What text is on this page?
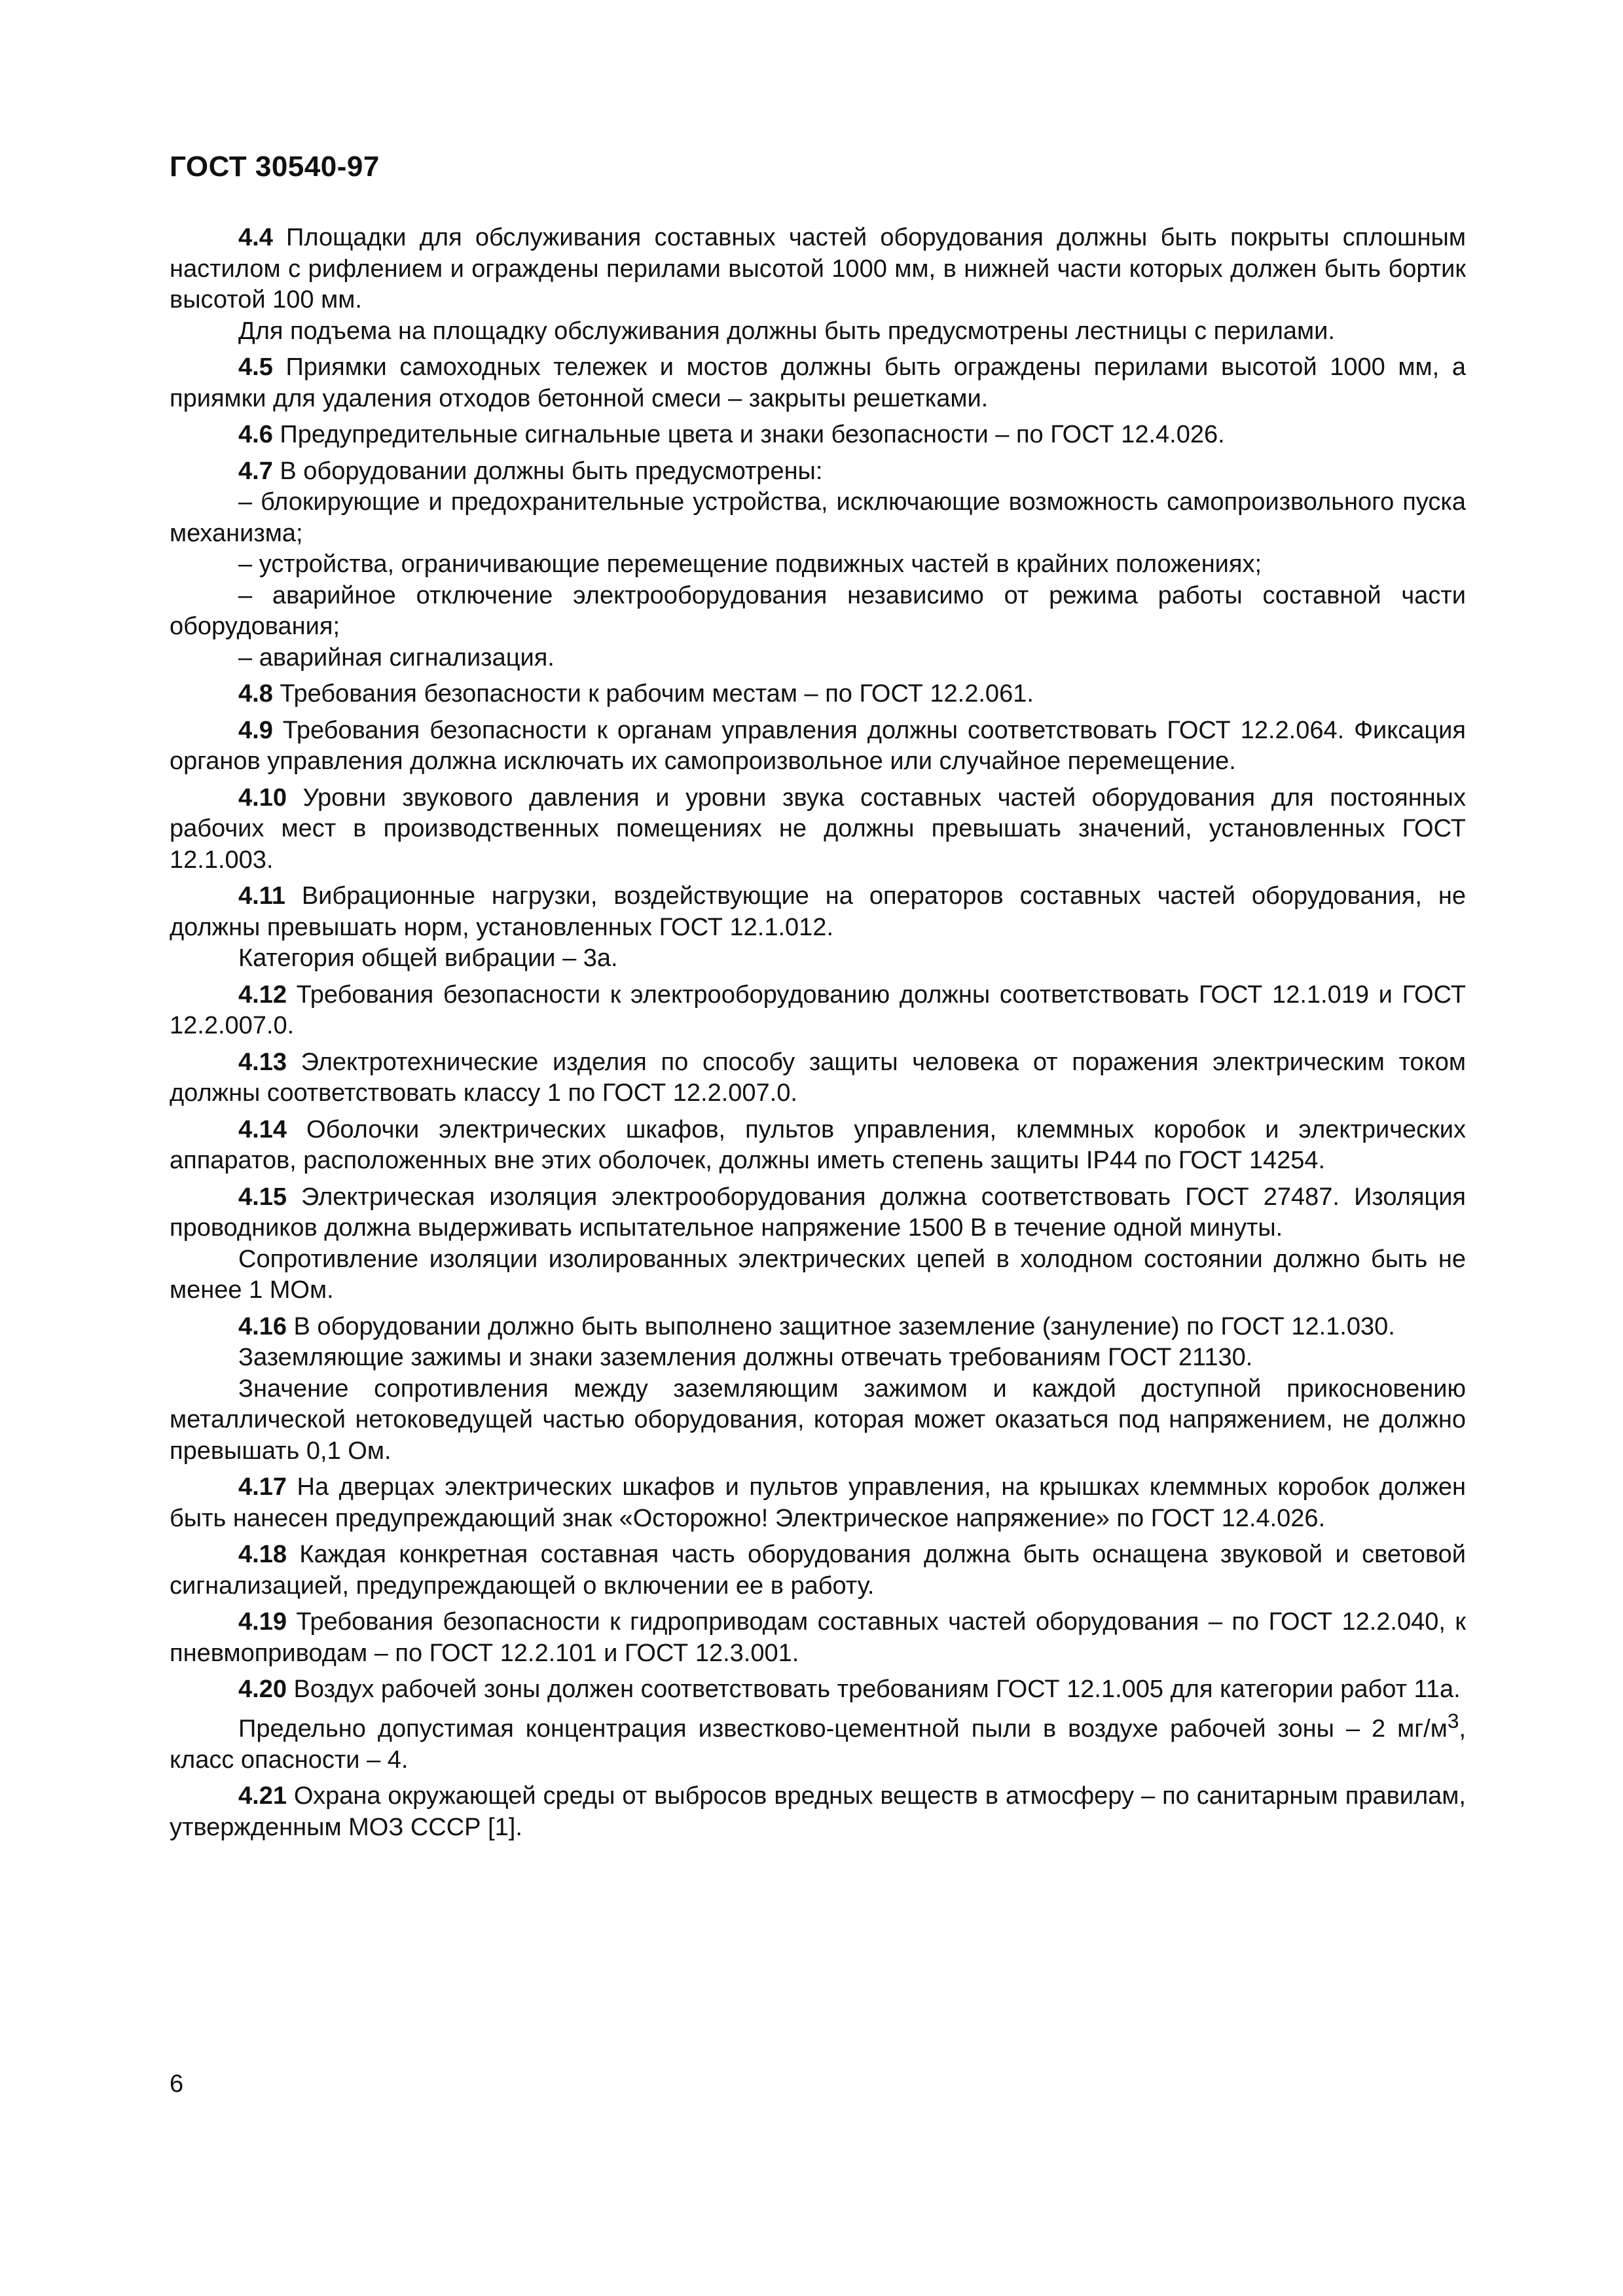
ГОСТ 30540-97

4.4 Площадки для обслуживания составных частей оборудования должны быть покрыты сплошным настилом с рифлением и ограждены перилами высотой 1000 мм, в нижней части которых должен быть бортик высотой 100 мм.

Для подъема на площадку обслуживания должны быть предусмотрены лестницы с перилами.

4.5 Приямки самоходных тележек и мостов должны быть ограждены перилами высотой 1000 мм, а приямки для удаления отходов бетонной смеси – закрыты решетками.

4.6 Предупредительные сигнальные цвета и знаки безопасности – по ГОСТ 12.4.026.

4.7 В оборудовании должны быть предусмотрены:

– блокирующие и предохранительные устройства, исключающие возможность самопроизвольного пуска механизма;

– устройства, ограничивающие перемещение подвижных частей в крайних положениях;

– аварийное отключение электрооборудования независимо от режима работы составной части оборудования;

– аварийная сигнализация.

4.8 Требования безопасности к рабочим местам – по ГОСТ 12.2.061.

4.9 Требования безопасности к органам управления должны соответствовать ГОСТ 12.2.064. Фиксация органов управления должна исключать их самопроизвольное или случайное перемещение.

4.10 Уровни звукового давления и уровни звука составных частей оборудования для постоянных рабочих мест в производственных помещениях не должны превышать значений, установленных ГОСТ 12.1.003.

4.11 Вибрационные нагрузки, воздействующие на операторов составных частей оборудования, не должны превышать норм, установленных ГОСТ 12.1.012.

Категория общей вибрации – 3а.

4.12 Требования безопасности к электрооборудованию должны соответствовать ГОСТ 12.1.019 и ГОСТ 12.2.007.0.

4.13 Электротехнические изделия по способу защиты человека от поражения электрическим током должны соответствовать классу 1 по ГОСТ 12.2.007.0.

4.14 Оболочки электрических шкафов, пультов управления, клеммных коробок и электрических аппаратов, расположенных вне этих оболочек, должны иметь степень защиты IP44 по ГОСТ 14254.

4.15 Электрическая изоляция электрооборудования должна соответствовать ГОСТ 27487. Изоляция проводников должна выдерживать испытательное напряжение 1500 В в течение одной минуты.

Сопротивление изоляции изолированных электрических цепей в холодном состоянии должно быть не менее 1 МОм.

4.16 В оборудовании должно быть выполнено защитное заземление (зануление) по ГОСТ 12.1.030.

Заземляющие зажимы и знаки заземления должны отвечать требованиям ГОСТ 21130.

Значение сопротивления между заземляющим зажимом и каждой доступной прикосновению металлической нетоковедущей частью оборудования, которая может оказаться под напряжением, не должно превышать 0,1 Ом.

4.17 На дверцах электрических шкафов и пультов управления, на крышках клеммных коробок должен быть нанесен предупреждающий знак «Осторожно! Электрическое напряжение» по ГОСТ 12.4.026.

4.18 Каждая конкретная составная часть оборудования должна быть оснащена звуковой и световой сигнализацией, предупреждающей о включении ее в работу.

4.19 Требования безопасности к гидроприводам составных частей оборудования – по ГОСТ 12.2.040, к пневмоприводам – по ГОСТ 12.2.101 и ГОСТ 12.3.001.

4.20 Воздух рабочей зоны должен соответствовать требованиям ГОСТ 12.1.005 для категории работ 11а.

Предельно допустимая концентрация известково-цементной пыли в воздухе рабочей зоны – 2 $мг/м^3$, класс опасности – 4.

4.21 Охрана окружающей среды от выбросов вредных веществ в атмосферу – по санитарным правилам, утвержденным МОЗ СССР [1].

6
